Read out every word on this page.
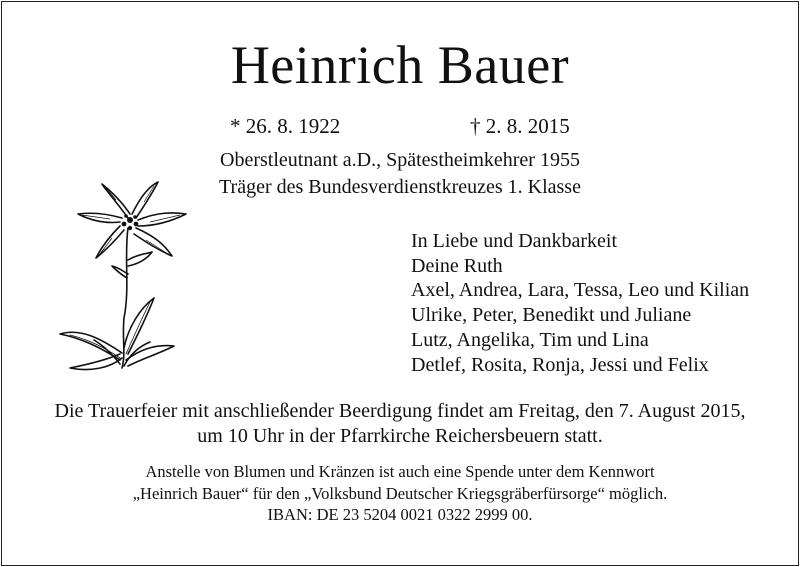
Heinrich Bauer
* 26. 8. 1922	† 2. 8. 2015
Oberstleutnant a.D., Spätestheimkehrer 1955
Träger des Bundesverdienstkreuzes 1. Klasse
In Liebe und Dankbarkeit
Deine Ruth
Axel, Andrea, Lara, Tessa, Leo und Kilian
Ulrike, Peter, Benedikt und Juliane
Lutz, Angelika, Tim und Lina
Detlef, Rosita, Ronja, Jessi und Felix
Die Trauerfeier mit anschließender Beerdigung findet am Freitag, den 7. August 2015,
um 10 Uhr in der Pfarrkirche Reichersbeuern statt.
Anstelle von Blumen und Kränzen ist auch eine Spende unter dem Kennwort
„Heinrich Bauer“ für den „Volksbund Deutscher Kriegsgräberfürsorge“ möglich.
IBAN: DE 23 5204 0021 0322 2999 00.
